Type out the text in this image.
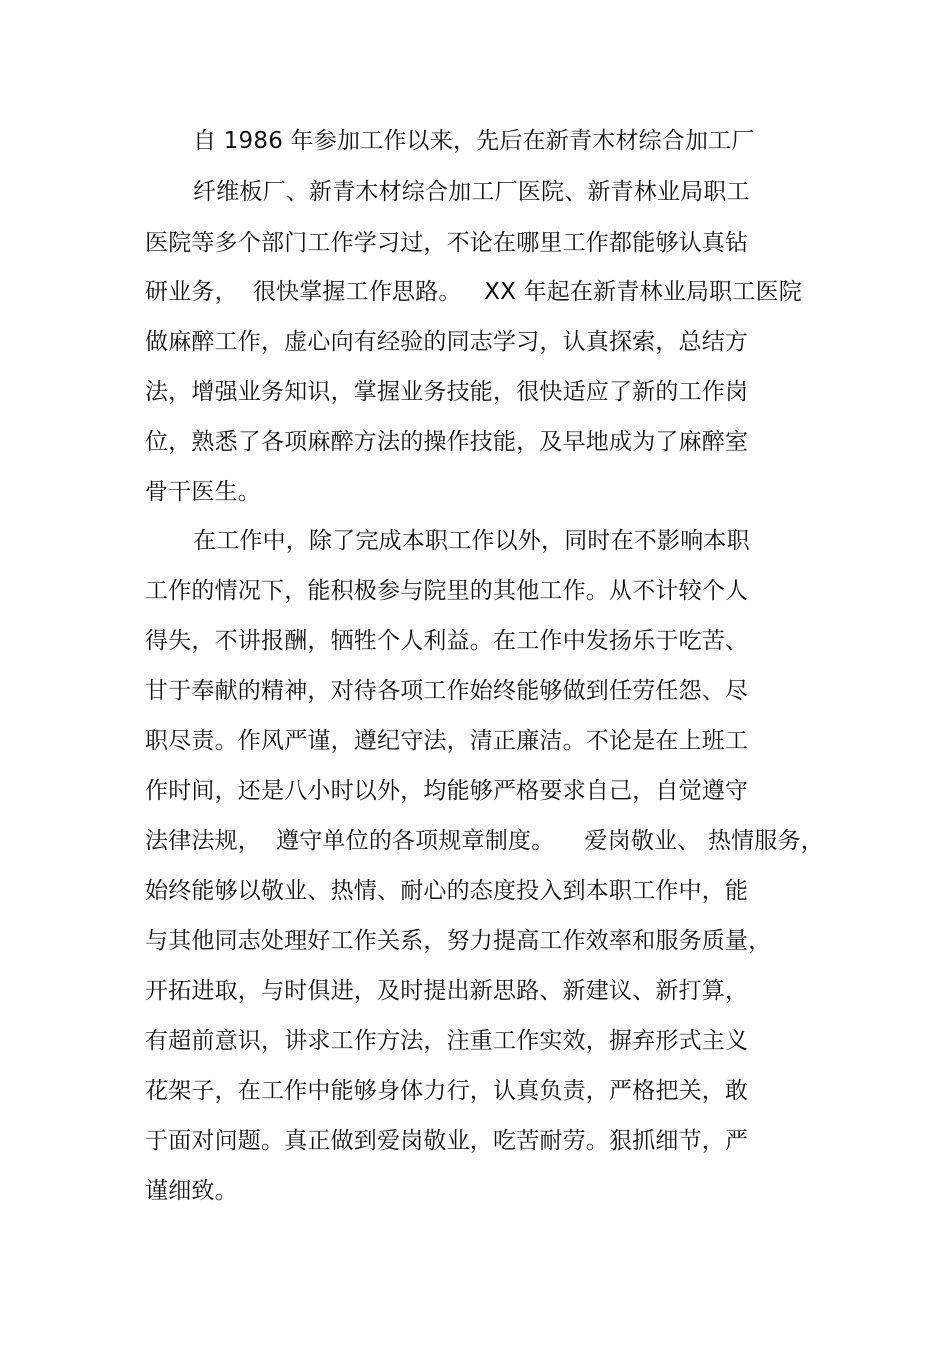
自 1986 年参加工作以来，先后在新青木材综合加工厂
纤维板厂、新青木材综合加工厂医院、新青林业局职工
医院等多个部门工作学习过，不论在哪里工作都能够认真钻
研业务，  很快掌握工作思路。   XX 年起在新青林业局职工医院
做麻醉工作，虚心向有经验的同志学习，认真探索，总结方
法，增强业务知识，掌握业务技能，很快适应了新的工作岗
位，熟悉了各项麻醉方法的操作技能，及早地成为了麻醉室
骨干医生。
在工作中，除了完成本职工作以外，同时在不影响本职
工作的情况下，能积极参与院里的其他工作。从不计较个人
得失，不讲报酬，牺牲个人利益。在工作中发扬乐于吃苦、
甘于奉献的精神，对待各项工作始终能够做到任劳任怨、尽
职尽责。作风严谨，遵纪守法，清正廉洁。不论是在上班工
作时间，还是八小时以外，均能够严格要求自己，自觉遵守
法律法规，  遵守单位的各项规章制度。    爱岗敬业、 热情服务，
始终能够以敬业、热情、耐心的态度投入到本职工作中，能
与其他同志处理好工作关系，努力提高工作效率和服务质量，
开拓进取，与时俱进，及时提出新思路、新建议、新打算，
有超前意识，讲求工作方法，注重工作实效，摒弃形式主义
花架子，在工作中能够身体力行，认真负责，严格把关，敢
于面对问题。真正做到爱岗敬业，吃苦耐劳。狠抓细节，严
谨细致。
